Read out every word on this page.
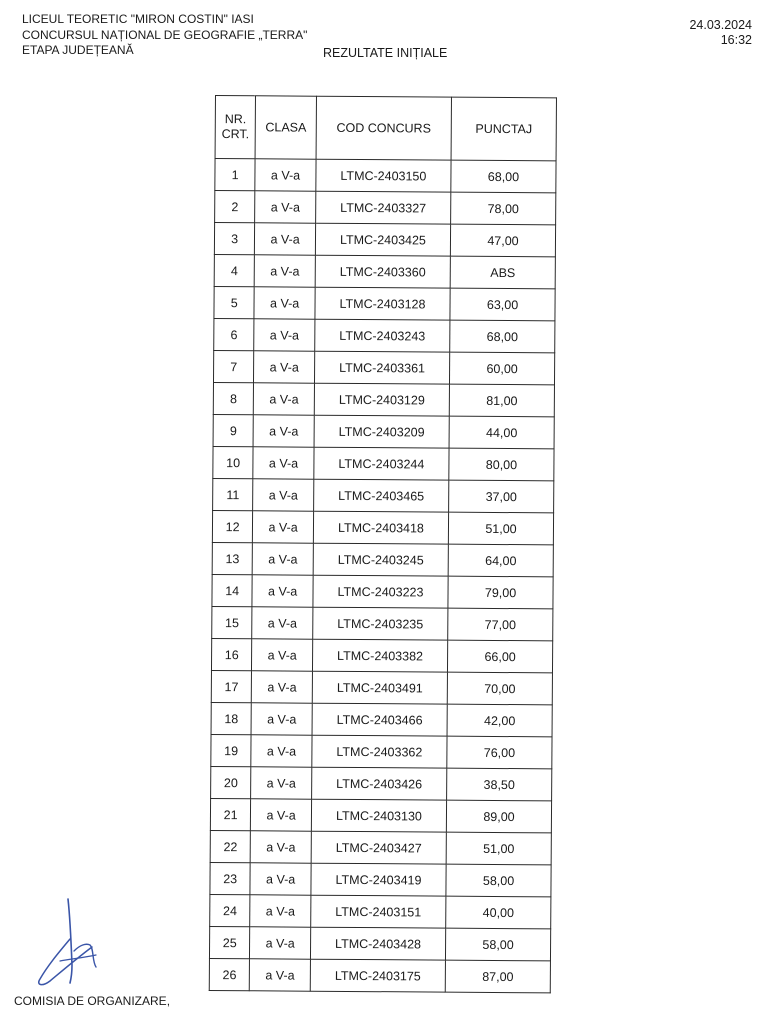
LICEUL TEORETIC "MIRON COSTIN" IASI
CONCURSUL NAȚIONAL DE GEOGRAFIE „TERRA"
ETAPA JUDEȚEANĂ	REZULTATE INIȚIALE
24.03.2024
16:32
NR. CRT.	CLASA	COD CONCURS	PUNCTAJ
1	a V-a	LTMC-2403150	68,00
2	a V-a	LTMC-2403327	78,00
3	a V-a	LTMC-2403425	47,00
4	a V-a	LTMC-2403360	ABS
5	a V-a	LTMC-2403128	63,00
6	a V-a	LTMC-2403243	68,00
7	a V-a	LTMC-2403361	60,00
8	a V-a	LTMC-2403129	81,00
9	a V-a	LTMC-2403209	44,00
10	a V-a	LTMC-2403244	80,00
11	a V-a	LTMC-2403465	37,00
12	a V-a	LTMC-2403418	51,00
13	a V-a	LTMC-2403245	64,00
14	a V-a	LTMC-2403223	79,00
15	a V-a	LTMC-2403235	77,00
16	a V-a	LTMC-2403382	66,00
17	a V-a	LTMC-2403491	70,00
18	a V-a	LTMC-2403466	42,00
19	a V-a	LTMC-2403362	76,00
20	a V-a	LTMC-2403426	38,50
21	a V-a	LTMC-2403130	89,00
22	a V-a	LTMC-2403427	51,00
23	a V-a	LTMC-2403419	58,00
24	a V-a	LTMC-2403151	40,00
25	a V-a	LTMC-2403428	58,00
26	a V-a	LTMC-2403175	87,00
COMISIA DE ORGANIZARE,
